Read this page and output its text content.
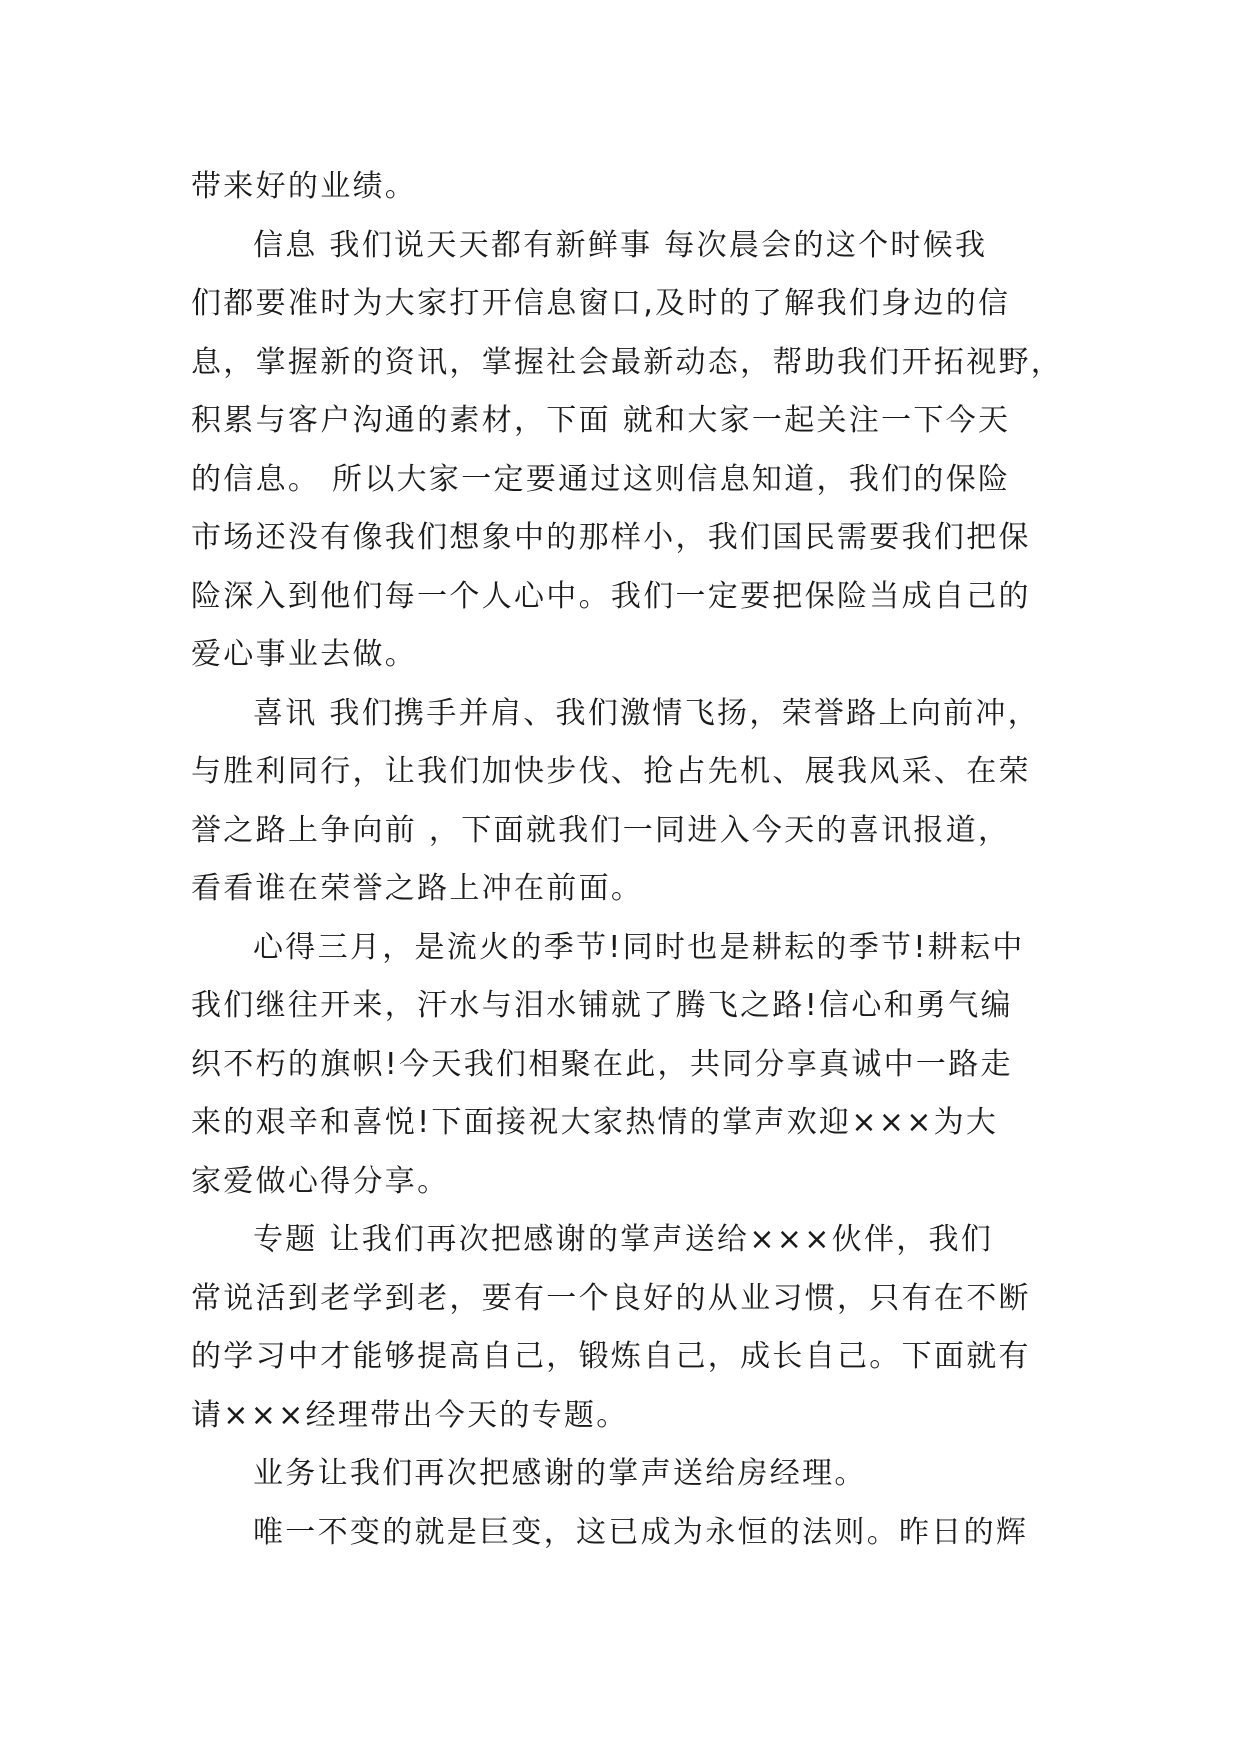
带来好的业绩。
信息 我们说天天都有新鲜事 每次晨会的这个时候我
们都要准时为大家打开信息窗口,及时的了解我们身边的信
息，掌握新的资讯，掌握社会最新动态，帮助我们开拓视野，
积累与客户沟通的素材，下面 就和大家一起关注一下今天
的信息。 所以大家一定要通过这则信息知道，我们的保险
市场还没有像我们想象中的那样小，我们国民需要我们把保
险深入到他们每一个人心中。我们一定要把保险当成自己的
爱心事业去做。
喜讯 我们携手并肩、我们激情飞扬，荣誉路上向前冲，
与胜利同行，让我们加快步伐、抢占先机、展我风采、在荣
誉之路上争向前 ，下面就我们一同进入今天的喜讯报道，
看看谁在荣誉之路上冲在前面。
心得三月，是流火的季节!同时也是耕耘的季节!耕耘中
我们继往开来，汗水与泪水铺就了腾飞之路!信心和勇气编
织不朽的旗帜!今天我们相聚在此，共同分享真诚中一路走
来的艰辛和喜悦!下面接祝大家热情的掌声欢迎×××为大
家爱做心得分享。
专题 让我们再次把感谢的掌声送给×××伙伴，我们
常说活到老学到老，要有一个良好的从业习惯，只有在不断
的学习中才能够提高自己，锻炼自己，成长自己。下面就有
请×××经理带出今天的专题。
业务让我们再次把感谢的掌声送给房经理。
唯一不变的就是巨变，这已成为永恒的法则。昨日的辉
